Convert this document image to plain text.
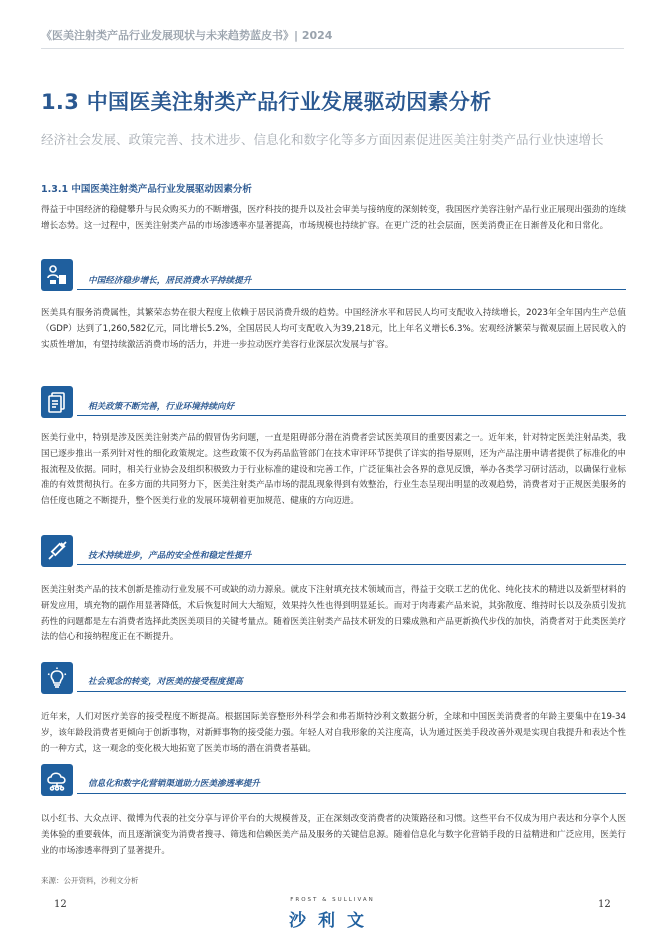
《医美注射类产品行业发展现状与未来趋势蓝皮书》| 2024
1.3 中国医美注射类产品行业发展驱动因素分析
经济社会发展、政策完善、技术进步、信息化和数字化等多方面因素促进医美注射类产品行业快速增长
1.3.1 中国医美注射类产品行业发展驱动因素分析

得益于中国经济的稳健攀升与民众购买力的不断增强，医疗科技的提升以及社会审美与接纳度的深刻转变，我国医疗美容注射产品行业正展现出强劲的连续增长态势。这一过程中，医美注射类产品的市场渗透率亦显著提高，市场规模也持续扩容。在更广泛的社会层面，医美消费正在日渐普及化和日常化。

中国经济稳步增长，居民消费水平持续提升

医美具有服务消费属性，其繁荣态势在很大程度上依赖于居民消费升级的趋势。中国经济水平和居民人均可支配收入持续增长，2023年全年国内生产总值（GDP）达到了1,260,582亿元，同比增长5.2%，全国居民人均可支配收入为39,218元，比上年名义增长6.3%。宏观经济繁荣与微观层面上居民收入的实质性增加，有望持续激活消费市场的活力，并进一步拉动医疗美容行业深层次发展与扩容。

相关政策不断完善，行业环境持续向好

医美行业中，特别是涉及医美注射类产品的假冒伪劣问题，一直是阻碍部分潜在消费者尝试医美项目的重要因素之一。近年来，针对特定医美注射品类，我国已逐步推出一系列针对性的细化政策规定。这些政策不仅为药品监管部门在技术审评环节提供了详实的指导原则，还为产品注册申请者提供了标准化的申报流程及依据。同时，相关行业协会及组织积极致力于行业标准的建设和完善工作，广泛征集社会各界的意见反馈，举办各类学习研讨活动，以确保行业标准的有效贯彻执行。在多方面的共同努力下，医美注射类产品市场的混乱现象得到有效整治，行业生态呈现出明显的改观趋势，消费者对于正规医美服务的信任度也随之不断提升，整个医美行业的发展环境朝着更加规范、健康的方向迈进。

技术持续进步，产品的安全性和稳定性提升

医美注射类产品的技术创新是推动行业发展不可或缺的动力源泉。就皮下注射填充技术领域而言，得益于交联工艺的优化、纯化技术的精进以及新型材料的研发应用，填充物的副作用显著降低，术后恢复时间大大缩短，效果持久性也得到明显延长。而对于肉毒素产品来说，其弥散度、维持时长以及杂质引发抗药性的问题都是左右消费者选择此类医美项目的关键考量点。随着医美注射类产品技术研发的日臻成熟和产品更新换代步伐的加快，消费者对于此类医美疗法的信心和接纳程度正在不断提升。

社会观念的转变，对医美的接受程度提高

近年来，人们对医疗美容的接受程度不断提高。根据国际美容整形外科学会和弗若斯特沙利文数据分析，全球和中国医美消费者的年龄主要集中在19-34岁，该年龄段消费者更倾向于创新事物，对新鲜事物的接受能力强。年轻人对自我形象的关注度高，认为通过医美手段改善外观是实现自我提升和表达个性的一种方式，这一观念的变化极大地拓宽了医美市场的潜在消费者基础。

信息化和数字化营销渠道助力医美渗透率提升

以小红书、大众点评、微博为代表的社交分享与评价平台的大规模普及，正在深刻改变消费者的决策路径和习惯。这些平台不仅成为用户表达和分享个人医美体验的重要载体，而且逐渐演变为消费者搜寻、筛选和信赖医美产品及服务的关键信息源。随着信息化与数字化营销手段的日益精进和广泛应用，医美行业的市场渗透率得到了显著提升。

来源：公开资料，沙利文分析
12	12
FROST & SULLIVAN
沙利文
